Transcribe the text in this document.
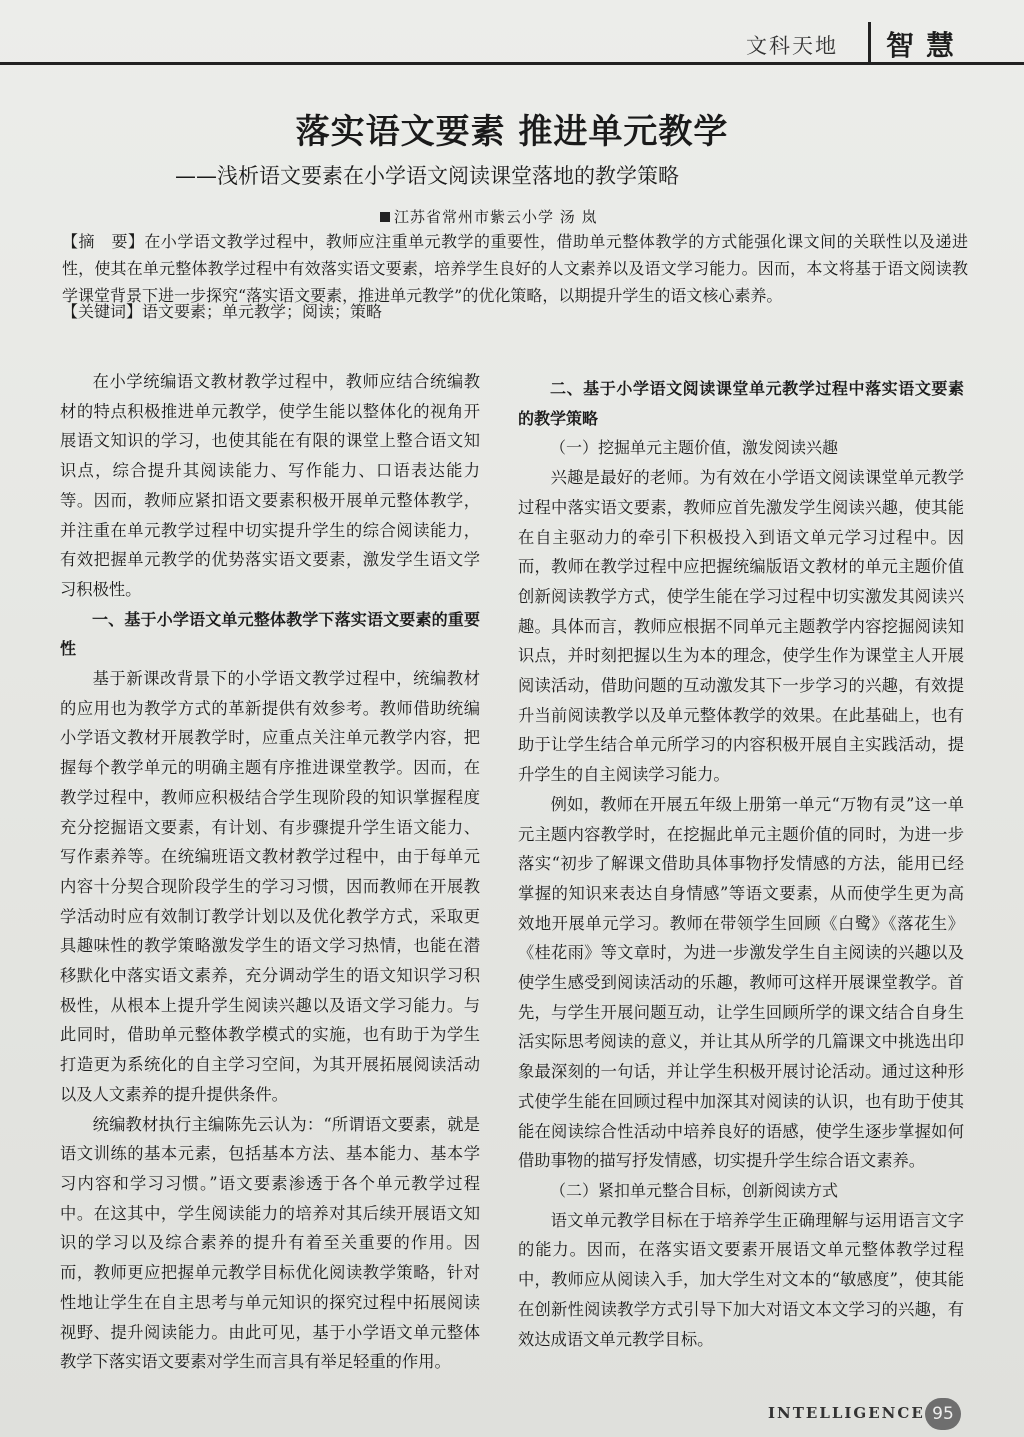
文科天地 智慧
落实语文要素 推进单元教学
——浅析语文要素在小学语文阅读课堂落地的教学策略
江苏省常州市紫云小学 汤 岚
【摘　要】在小学语文教学过程中，教师应注重单元教学的重要性，借助单元整体教学的方式能强化课文间的关联性以及递进性，使其在单元整体教学过程中有效落实语文要素，培养学生良好的人文素养以及语文学习能力。因而，本文将基于语文阅读教学课堂背景下进一步探究“落实语文要素，推进单元教学”的优化策略，以期提升学生的语文核心素养。
【关键词】语文要素；单元教学；阅读；策略

在小学统编语文教材教学过程中，教师应结合统编教材的特点积极推进单元教学，使学生能以整体化的视角开展语文知识的学习，也使其能在有限的课堂上整合语文知识点，综合提升其阅读能力、写作能力、口语表达能力等。因而，教师应紧扣语文要素积极开展单元整体教学，并注重在单元教学过程中切实提升学生的综合阅读能力，有效把握单元教学的优势落实语文要素，激发学生语文学习积极性。

一、基于小学语文单元整体教学下落实语文要素的重要性

基于新课改背景下的小学语文教学过程中，统编教材的应用也为教学方式的革新提供有效参考。教师借助统编小学语文教材开展教学时，应重点关注单元教学内容，把握每个教学单元的明确主题有序推进课堂教学。因而，在教学过程中，教师应积极结合学生现阶段的知识掌握程度充分挖掘语文要素，有计划、有步骤提升学生语文能力、写作素养等。在统编班语文教材教学过程中，由于每单元内容十分契合现阶段学生的学习习惯，因而教师在开展教学活动时应有效制订教学计划以及优化教学方式，采取更具趣味性的教学策略激发学生的语文学习热情，也能在潜移默化中落实语文素养，充分调动学生的语文知识学习积极性，从根本上提升学生阅读兴趣以及语文学习能力。与此同时，借助单元整体教学模式的实施，也有助于为学生打造更为系统化的自主学习空间，为其开展拓展阅读活动以及人文素养的提升提供条件。

统编教材执行主编陈先云认为：“所谓语文要素，就是语文训练的基本元素，包括基本方法、基本能力、基本学习内容和学习习惯。”语文要素渗透于各个单元教学过程中。在这其中，学生阅读能力的培养对其后续开展语文知识的学习以及综合素养的提升有着至关重要的作用。因而，教师更应把握单元教学目标优化阅读教学策略，针对性地让学生在自主思考与单元知识的探究过程中拓展阅读视野、提升阅读能力。由此可见，基于小学语文单元整体教学下落实语文要素对学生而言具有举足轻重的作用。

二、基于小学语文阅读课堂单元教学过程中落实语文要素的教学策略
（一）挖掘单元主题价值，激发阅读兴趣

兴趣是最好的老师。为有效在小学语文阅读课堂单元教学过程中落实语文要素，教师应首先激发学生阅读兴趣，使其能在自主驱动力的牵引下积极投入到语文单元学习过程中。因而，教师在教学过程中应把握统编版语文教材的单元主题价值创新阅读教学方式，使学生能在学习过程中切实激发其阅读兴趣。具体而言，教师应根据不同单元主题教学内容挖掘阅读知识点，并时刻把握以生为本的理念，使学生作为课堂主人开展阅读活动，借助问题的互动激发其下一步学习的兴趣，有效提升当前阅读教学以及单元整体教学的效果。在此基础上，也有助于让学生结合单元所学习的内容积极开展自主实践活动，提升学生的自主阅读学习能力。

例如，教师在开展五年级上册第一单元“万物有灵”这一单元主题内容教学时，在挖掘此单元主题价值的同时，为进一步落实“初步了解课文借助具体事物抒发情感的方法，能用已经掌握的知识来表达自身情感”等语文要素，从而使学生更为高效地开展单元学习。教师在带领学生回顾《白鹭》《落花生》《桂花雨》等文章时，为进一步激发学生自主阅读的兴趣以及使学生感受到阅读活动的乐趣，教师可这样开展课堂教学。首先，与学生开展问题互动，让学生回顾所学的课文结合自身生活实际思考阅读的意义，并让其从所学的几篇课文中挑选出印象最深刻的一句话，并让学生积极开展讨论活动。通过这种形式使学生能在回顾过程中加深其对阅读的认识，也有助于使其能在阅读综合性活动中培养良好的语感，使学生逐步掌握如何借助事物的描写抒发情感，切实提升学生综合语文素养。

（二）紧扣单元整合目标，创新阅读方式

语文单元教学目标在于培养学生正确理解与运用语言文字的能力。因而，在落实语文要素开展语文单元整体教学过程中，教师应从阅读入手，加大学生对文本的“敏感度”，使其能在创新性阅读教学方式引导下加大对语文本文学习的兴趣，有效达成语文单元教学目标。

INTELLIGENCE 95
